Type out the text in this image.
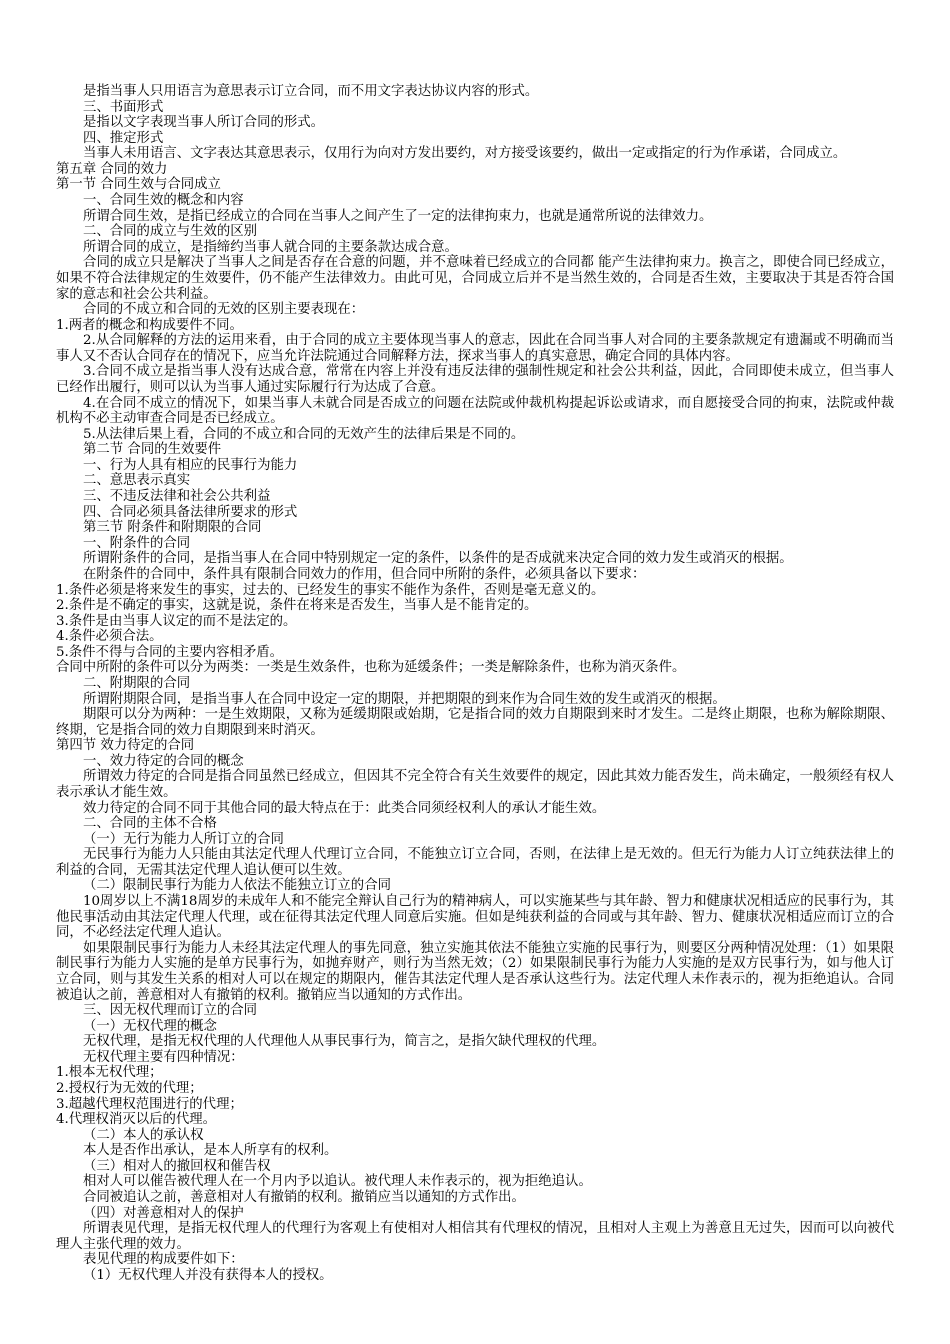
是指当事人只用语言为意思表示订立合同，而不用文字表达协议内容的形式。

三、书面形式

是指以文字表现当事人所订合同的形式。

四、推定形式

当事人未用语言、文字表达其意思表示，仅用行为向对方发出要约，对方接受该要约，做出一定或指定的行为作承诺，合同成立。

第五章 合同的效力

第一节 合同生效与合同成立

一、合同生效的概念和内容

所谓合同生效，是指已经成立的合同在当事人之间产生了一定的法律拘束力，也就是通常所说的法律效力。

二、合同的成立与生效的区别

所谓合同的成立，是指缔约当事人就合同的主要条款达成合意。

合同的成立只是解决了当事人之间是否存在合意的问题，并不意味着已经成立的合同都 能产生法律拘束力。换言之，即使合同已经成立，如果不符合法律规定的生效要件，仍不能产生法律效力。由此可见，合同成立后并不是当然生效的，合同是否生效，主要取决于其是否符合国家的意志和社会公共利益。

合同的不成立和合同的无效的区别主要表现在：

1.两者的概念和构成要件不同。

2.从合同解释的方法的运用来看，由于合同的成立主要体现当事人的意志，因此在合同当事人对合同的主要条款规定有遗漏或不明确而当事人又不否认合同存在的情况下，应当允许法院通过合同解释方法，探求当事人的真实意思，确定合同的具体内容。

3.合同不成立是指当事人没有达成合意，常常在内容上并没有违反法律的强制性规定和社会公共利益，因此，合同即使未成立，但当事人已经作出履行，则可以认为当事人通过实际履行行为达成了合意。

4.在合同不成立的情况下，如果当事人未就合同是否成立的问题在法院或仲裁机构提起诉讼或请求，而自愿接受合同的拘束，法院或仲裁机构不必主动审查合同是否已经成立。

5.从法律后果上看，合同的不成立和合同的无效产生的法律后果是不同的。

第二节 合同的生效要件

一、行为人具有相应的民事行为能力

二、意思表示真实

三、不违反法律和社会公共利益

四、合同必须具备法律所要求的形式

第三节 附条件和附期限的合同

一、附条件的合同

所谓附条件的合同，是指当事人在合同中特别规定一定的条件，以条件的是否成就来决定合同的效力发生或消灭的根据。

在附条件的合同中，条件具有限制合同效力的作用，但合同中所附的条件，必须具备以下要求：

1.条件必须是将来发生的事实，过去的、已经发生的事实不能作为条件，否则是毫无意义的。

2.条件是不确定的事实，这就是说，条件在将来是否发生，当事人是不能肯定的。

3.条件是由当事人议定的而不是法定的。

4.条件必须合法。

5.条件不得与合同的主要内容相矛盾。

合同中所附的条件可以分为两类：一类是生效条件，也称为延缓条件；一类是解除条件，也称为消灭条件。

二、附期限的合同

所谓附期限合同，是指当事人在合同中设定一定的期限，并把期限的到来作为合同生效的发生或消灭的根据。

期限可以分为两种：一是生效期限，又称为延缓期限或始期，它是指合同的效力自期限到来时才发生。二是终止期限，也称为解除期限、终期，它是指合同的效力自期限到来时消灭。

第四节 效力待定的合同

一、效力待定的合同的概念

所谓效力待定的合同是指合同虽然已经成立，但因其不完全符合有关生效要件的规定，因此其效力能否发生，尚未确定，一般须经有权人表示承认才能生效。

效力待定的合同不同于其他合同的最大特点在于：此类合同须经权利人的承认才能生效。

二、合同的主体不合格

（一）无行为能力人所订立的合同

无民事行为能力人只能由其法定代理人代理订立合同，不能独立订立合同，否则，在法律上是无效的。但无行为能力人订立纯获法律上的利益的合同，无需其法定代理人追认便可以生效。

（二）限制民事行为能力人依法不能独立订立的合同

10周岁以上不满18周岁的未成年人和不能完全辩认自己行为的精神病人，可以实施某些与其年龄、智力和健康状况相适应的民事行为，其他民事活动由其法定代理人代理，或在征得其法定代理人同意后实施。但如是纯获利益的合同或与其年龄、智力、健康状况相适应而订立的合同，不必经法定代理人追认。

如果限制民事行为能力人未经其法定代理人的事先同意，独立实施其依法不能独立实施的民事行为，则要区分两种情况处理：（1）如果限制民事行为能力人实施的是单方民事行为，如抛弃财产，则行为当然无效；（2）如果限制民事行为能力人实施的是双方民事行为，如与他人订立合同，则与其发生关系的相对人可以在规定的期限内，催告其法定代理人是否承认这些行为。法定代理人未作表示的，视为拒绝追认。合同被追认之前，善意相对人有撤销的权利。撤销应当以通知的方式作出。

三、因无权代理而订立的合同

（一）无权代理的概念

无权代理，是指无权代理的人代理他人从事民事行为，简言之，是指欠缺代理权的代理。

无权代理主要有四种情况：

1.根本无权代理；

2.授权行为无效的代理；

3.超越代理权范围进行的代理；

4.代理权消灭以后的代理。

（二）本人的承认权

本人是否作出承认，是本人所享有的权利。

（三）相对人的撤回权和催告权

相对人可以催告被代理人在一个月内予以追认。被代理人未作表示的，视为拒绝追认。

合同被追认之前，善意相对人有撤销的权利。撤销应当以通知的方式作出。

（四）对善意相对人的保护

所谓表见代理，是指无权代理人的代理行为客观上有使相对人相信其有代理权的情况，且相对人主观上为善意且无过失，因而可以向被代理人主张代理的效力。

表见代理的构成要件如下：

（1）无权代理人并没有获得本人的授权。
